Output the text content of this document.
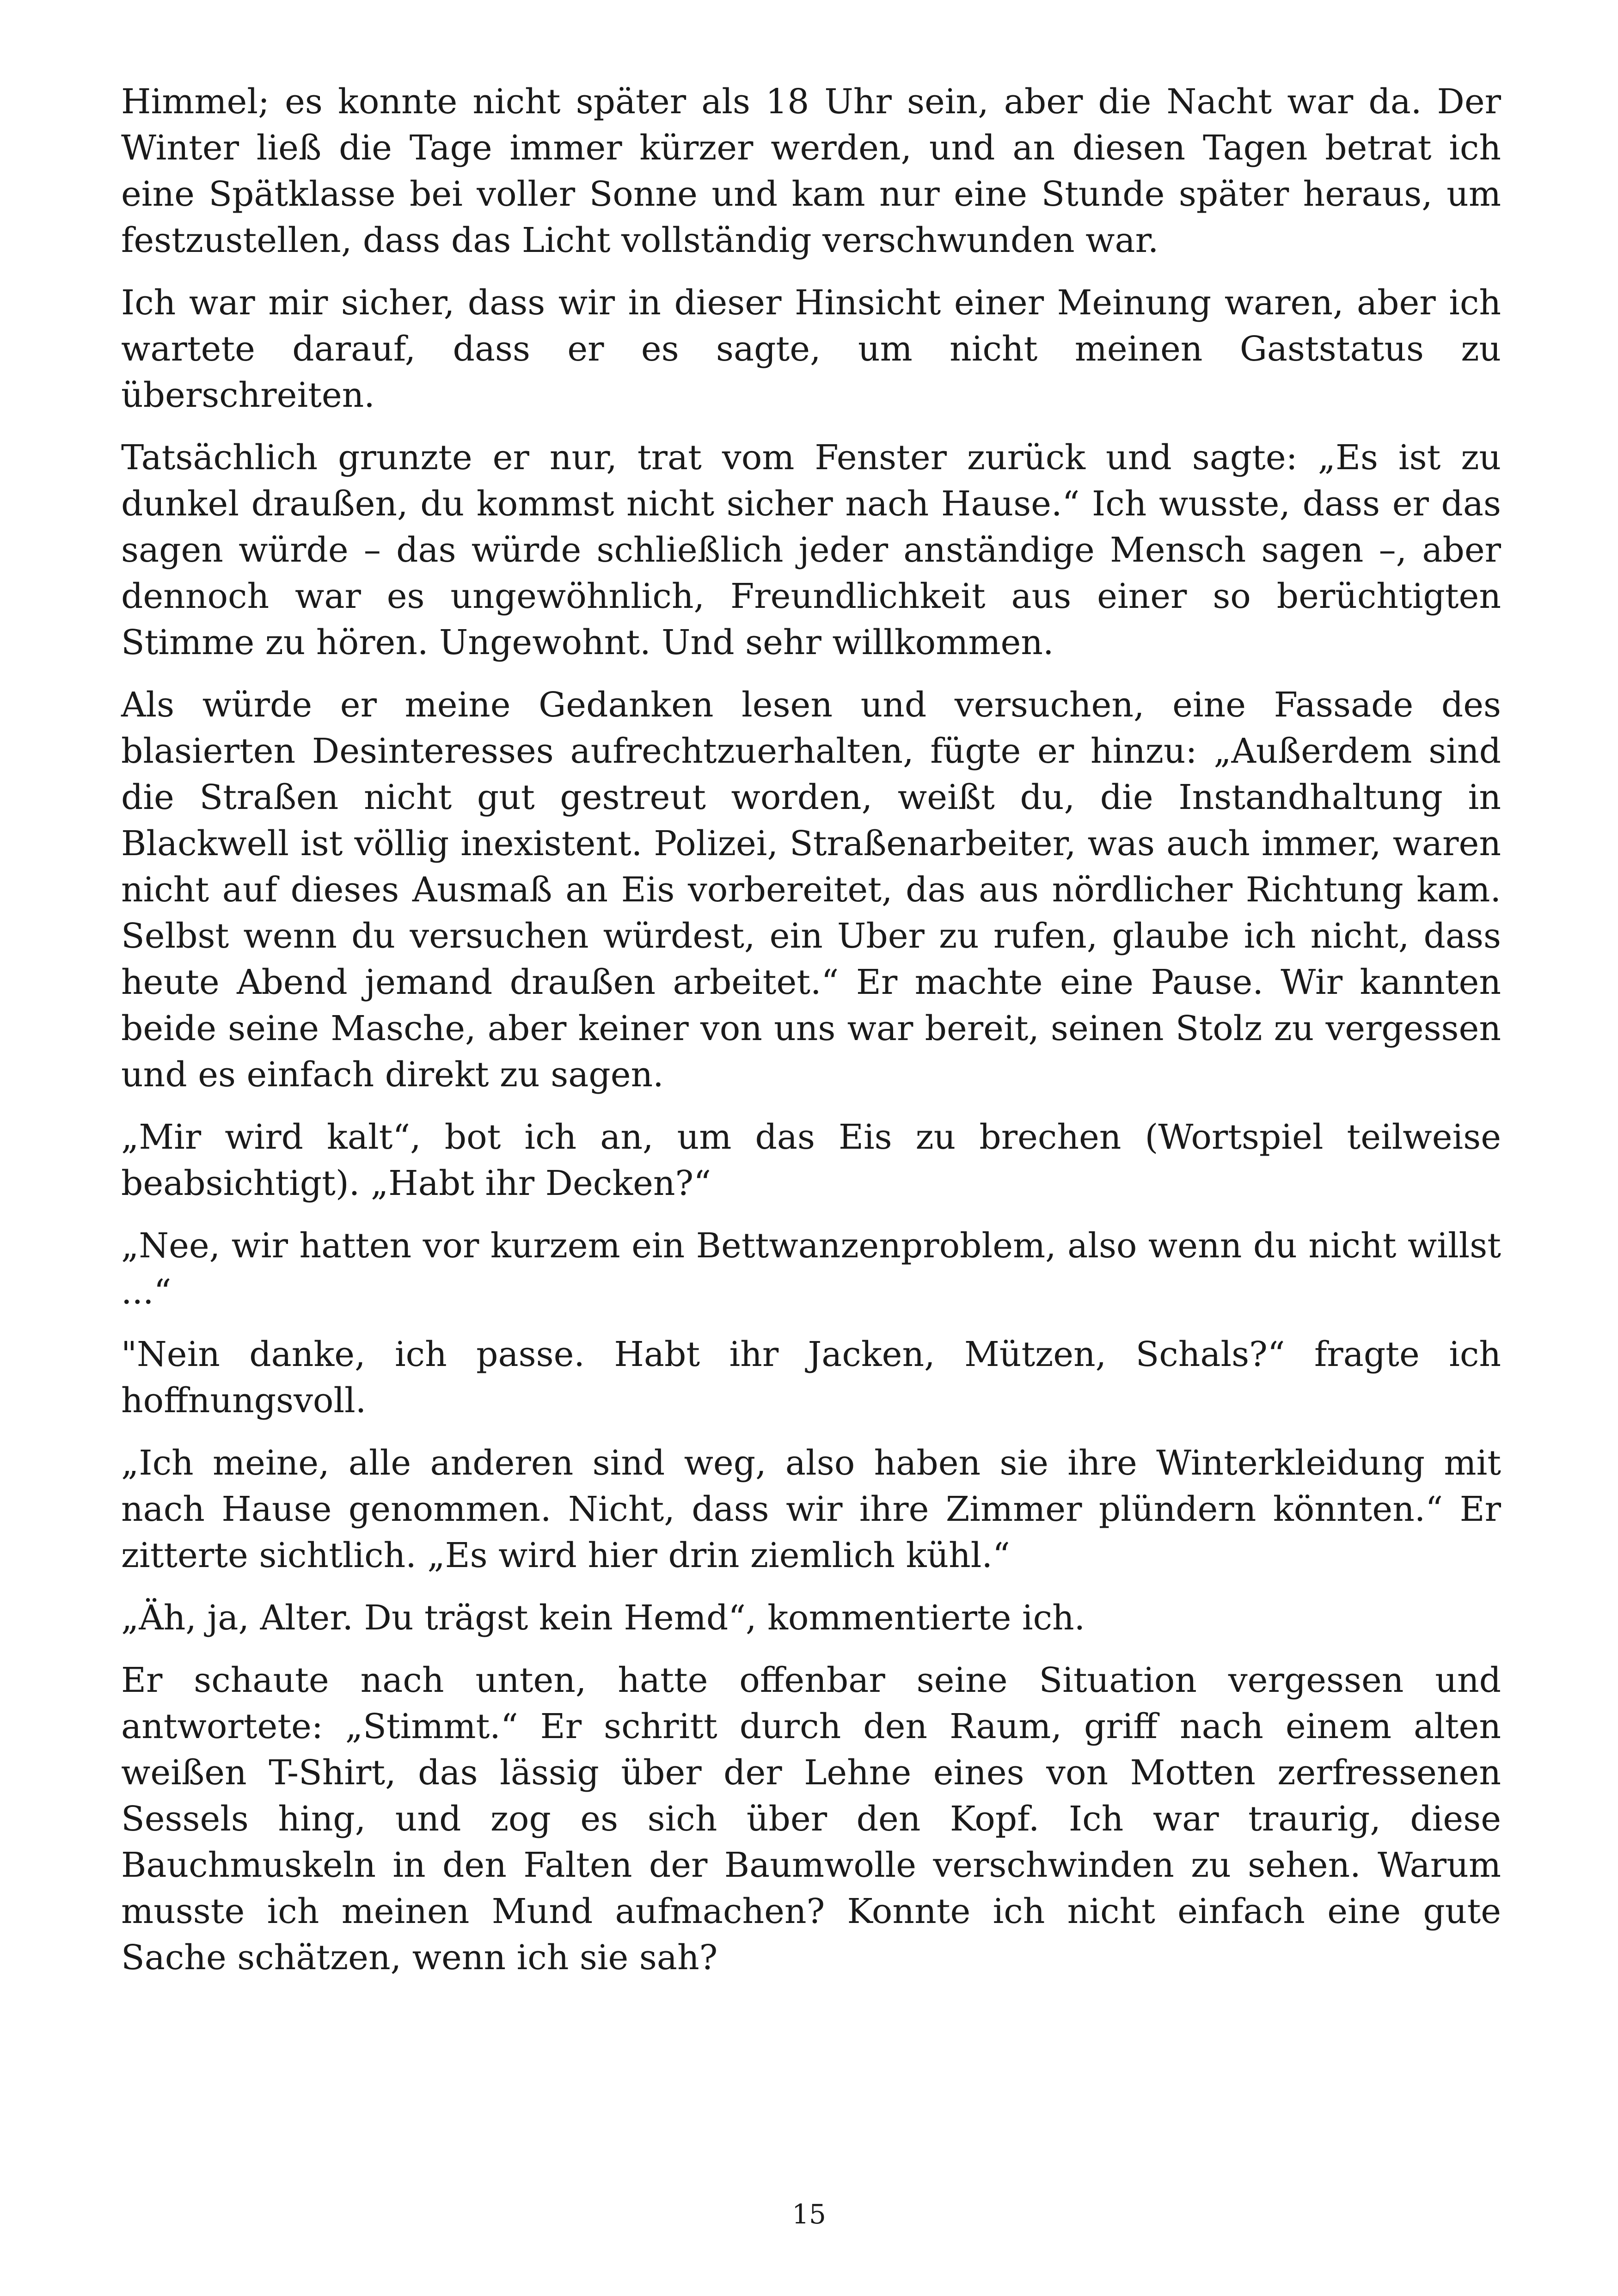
Himmel; es konnte nicht später als 18 Uhr sein, aber die Nacht war da. Der Winter ließ die Tage immer kürzer werden, und an diesen Tagen betrat ich eine Spätklasse bei voller Sonne und kam nur eine Stunde später heraus, um festzustellen, dass das Licht vollständig verschwunden war.

Ich war mir sicher, dass wir in dieser Hinsicht einer Meinung waren, aber ich wartete darauf, dass er es sagte, um nicht meinen Gaststatus zu überschreiten.

Tatsächlich grunzte er nur, trat vom Fenster zurück und sagte: „Es ist zu dunkel draußen, du kommst nicht sicher nach Hause.“ Ich wusste, dass er das sagen würde – das würde schließlich jeder anständige Mensch sagen –, aber dennoch war es ungewöhnlich, Freundlichkeit aus einer so berüchtigten Stimme zu hören. Ungewohnt. Und sehr willkommen.

Als würde er meine Gedanken lesen und versuchen, eine Fassade des blasierten Desinteresses aufrechtzuerhalten, fügte er hinzu: „Außerdem sind die Straßen nicht gut gestreut worden, weißt du, die Instandhaltung in Blackwell ist völlig inexistent. Polizei, Straßenarbeiter, was auch immer, waren nicht auf dieses Ausmaß an Eis vorbereitet, das aus nördlicher Richtung kam. Selbst wenn du versuchen würdest, ein Uber zu rufen, glaube ich nicht, dass heute Abend jemand draußen arbeitet.“ Er machte eine Pause. Wir kannten beide seine Masche, aber keiner von uns war bereit, seinen Stolz zu vergessen und es einfach direkt zu sagen.

„Mir wird kalt“, bot ich an, um das Eis zu brechen (Wortspiel teilweise beabsichtigt). „Habt ihr Decken?“

„Nee, wir hatten vor kurzem ein Bettwanzenproblem, also wenn du nicht willst ...“

"Nein danke, ich passe. Habt ihr Jacken, Mützen, Schals?“ fragte ich hoffnungsvoll.

„Ich meine, alle anderen sind weg, also haben sie ihre Winterkleidung mit nach Hause genommen. Nicht, dass wir ihre Zimmer plündern könnten.“ Er zitterte sichtlich. „Es wird hier drin ziemlich kühl.“

„Äh, ja, Alter. Du trägst kein Hemd“, kommentierte ich.

Er schaute nach unten, hatte offenbar seine Situation vergessen und antwortete: „Stimmt.“ Er schritt durch den Raum, griff nach einem alten weißen T-Shirt, das lässig über der Lehne eines von Motten zerfressenen Sessels hing, und zog es sich über den Kopf. Ich war traurig, diese Bauchmuskeln in den Falten der Baumwolle verschwinden zu sehen. Warum musste ich meinen Mund aufmachen? Konnte ich nicht einfach eine gute Sache schätzen, wenn ich sie sah?

15
